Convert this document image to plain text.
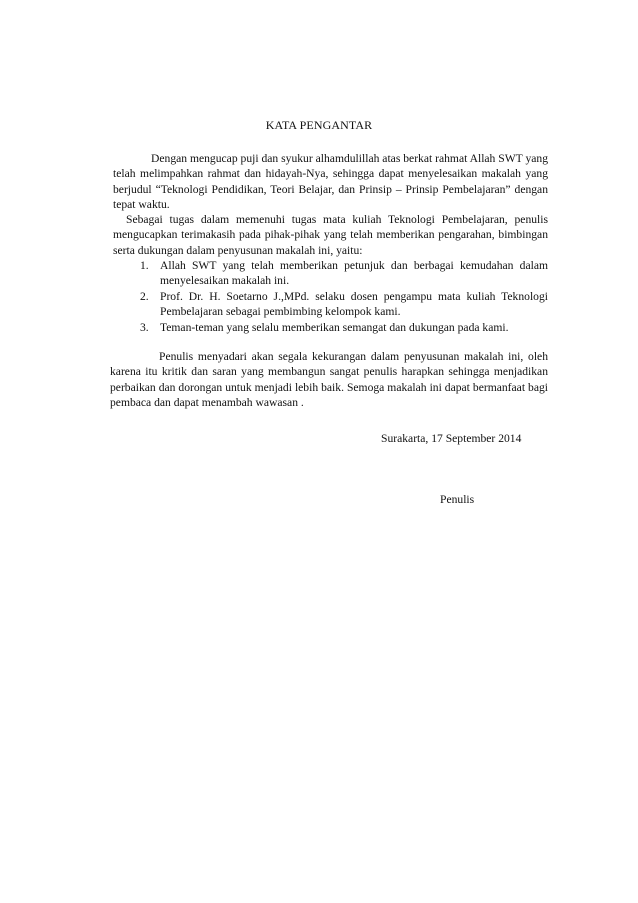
KATA PENGANTAR

Dengan mengucap puji dan syukur alhamdulillah atas berkat rahmat Allah SWT yang telah melimpahkan rahmat dan hidayah-Nya, sehingga dapat menyelesaikan makalah yang berjudul “Teknologi Pendidikan, Teori Belajar, dan Prinsip – Prinsip Pembelajaran” dengan tepat waktu.

Sebagai tugas dalam memenuhi tugas mata kuliah Teknologi Pembelajaran, penulis mengucapkan terimakasih pada pihak-pihak yang telah memberikan pengarahan, bimbingan serta dukungan dalam penyusunan makalah ini, yaitu:

1. Allah SWT yang telah memberikan petunjuk dan berbagai kemudahan dalam menyelesaikan makalah ini.
2. Prof. Dr. H. Soetarno J.,MPd. selaku dosen pengampu mata kuliah Teknologi Pembelajaran sebagai pembimbing kelompok kami.
3. Teman-teman yang selalu memberikan semangat dan dukungan pada kami.

Penulis menyadari akan segala kekurangan dalam penyusunan makalah ini, oleh karena itu kritik dan saran yang membangun sangat penulis harapkan sehingga menjadikan perbaikan dan dorongan untuk menjadi lebih baik. Semoga makalah ini dapat bermanfaat bagi pembaca dan dapat menambah wawasan .

Surakarta, 17 September 2014
Penulis
